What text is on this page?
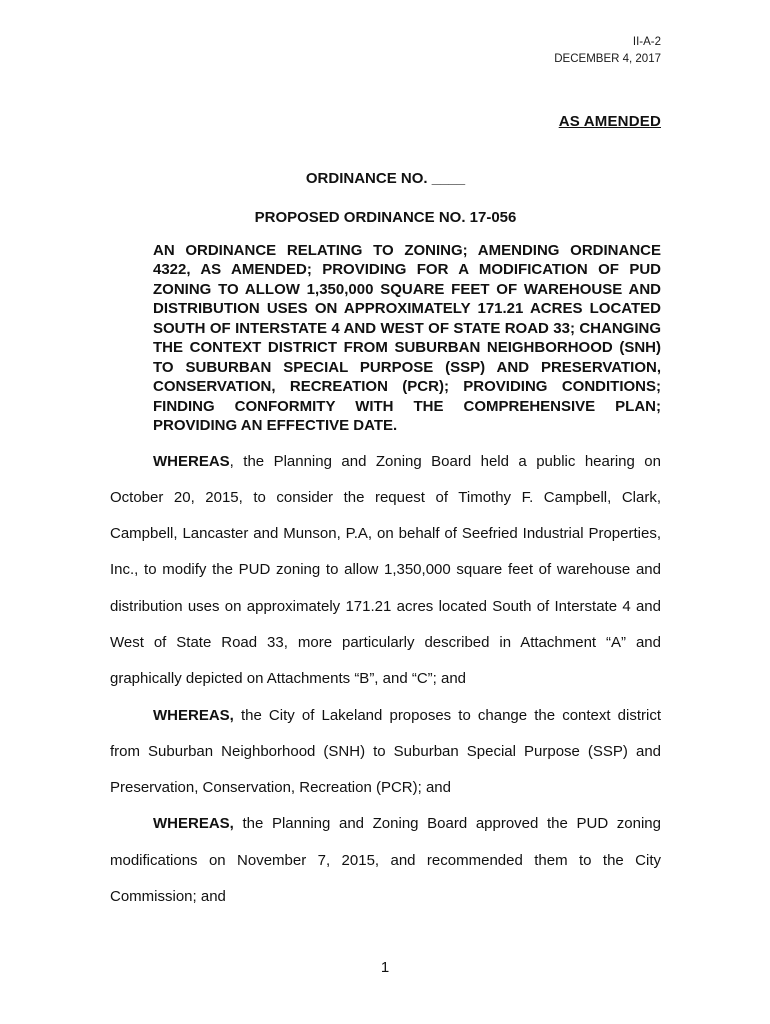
II-A-2
DECEMBER 4, 2017
AS AMENDED
ORDINANCE NO. ____
PROPOSED ORDINANCE NO. 17-056
AN ORDINANCE RELATING TO ZONING; AMENDING ORDINANCE 4322, AS AMENDED; PROVIDING FOR A MODIFICATION OF PUD ZONING TO ALLOW 1,350,000 SQUARE FEET OF WAREHOUSE AND DISTRIBUTION USES ON APPROXIMATELY 171.21 ACRES LOCATED SOUTH OF INTERSTATE 4 AND WEST OF STATE ROAD 33; CHANGING THE CONTEXT DISTRICT FROM SUBURBAN NEIGHBORHOOD (SNH) TO SUBURBAN SPECIAL PURPOSE (SSP) AND PRESERVATION, CONSERVATION, RECREATION (PCR); PROVIDING CONDITIONS; FINDING CONFORMITY WITH THE COMPREHENSIVE PLAN; PROVIDING AN EFFECTIVE DATE.

WHEREAS, the Planning and Zoning Board held a public hearing on October 20, 2015, to consider the request of Timothy F. Campbell, Clark, Campbell, Lancaster and Munson, P.A, on behalf of Seefried Industrial Properties, Inc., to modify the PUD zoning to allow 1,350,000 square feet of warehouse and distribution uses on approximately 171.21 acres located South of Interstate 4 and West of State Road 33, more particularly described in Attachment “A” and graphically depicted on Attachments “B”, and “C”; and

WHEREAS, the City of Lakeland proposes to change the context district from Suburban Neighborhood (SNH) to Suburban Special Purpose (SSP) and Preservation, Conservation, Recreation (PCR); and

WHEREAS, the Planning and Zoning Board approved the PUD zoning modifications on November 7, 2015, and recommended them to the City Commission; and

1
